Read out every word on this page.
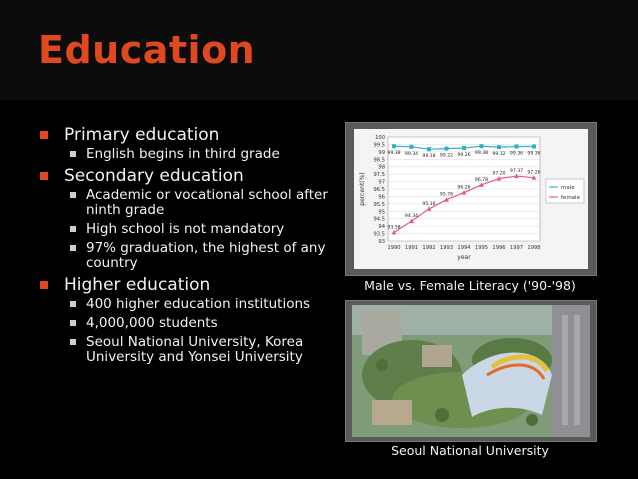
Education
Primary education
English begins in third grade
Secondary education
Academic or vocational school after ninth grade
High school is not mandatory
97% graduation, the highest of any country
Higher education
400 higher education institutions
4,000,000 students
Seoul National University, Korea University and Yonsei University
93
93.5
94
94.5
95
95.5
96
96.5
97
97.5
98
98.5
99
99.5
100
1990 1991 1992 1993 1994 1995 1996 1997 1998
year
percent(%)
99.38 99.34 99.18 99.22 99.26 99.38 99.32 99.36 99.36
93.58
94.34
95.16
95.78
96.26
96.78
97.20
97.37 97.26
male
female
Male vs. Female Literacy ('90-'98)
Seoul National University
